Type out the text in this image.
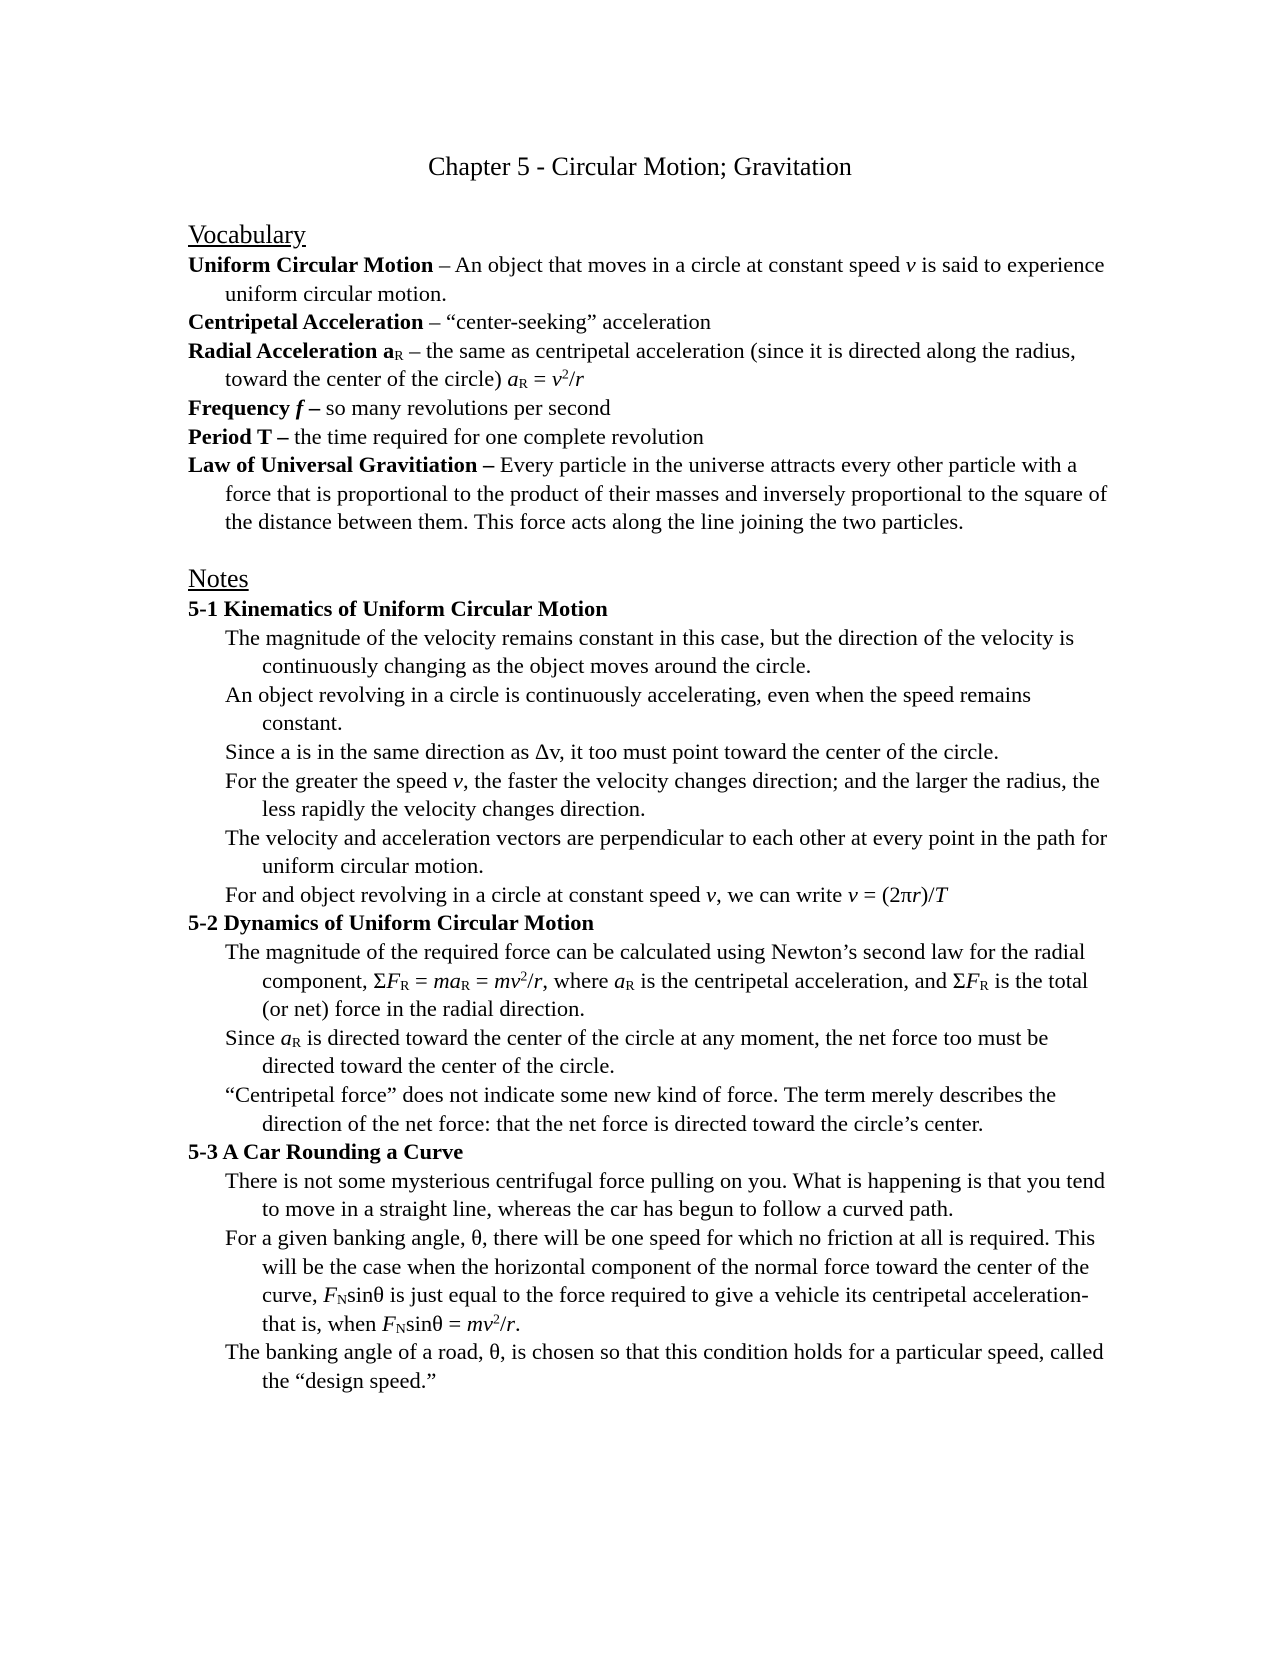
Chapter 5 - Circular Motion; Gravitation
Vocabulary
Uniform Circular Motion – An object that moves in a circle at constant speed v is said to experience uniform circular motion.
Centripetal Acceleration – “center-seeking” acceleration
Radial Acceleration $a_R$ – the same as centripetal acceleration (since it is directed along the radius, toward the center of the circle) $a_R = v^2/r$
Frequency f – so many revolutions per second
Period T – the time required for one complete revolution
Law of Universal Gravitiation – Every particle in the universe attracts every other particle with a force that is proportional to the product of their masses and inversely proportional to the square of the distance between them. This force acts along the line joining the two particles.
Notes
5-1 Kinematics of Uniform Circular Motion
The magnitude of the velocity remains constant in this case, but the direction of the velocity is continuously changing as the object moves around the circle.
An object revolving in a circle is continuously accelerating, even when the speed remains constant.
Since a is in the same direction as Δv, it too must point toward the center of the circle.
For the greater the speed v, the faster the velocity changes direction; and the larger the radius, the less rapidly the velocity changes direction.
The velocity and acceleration vectors are perpendicular to each other at every point in the path for uniform circular motion.
For and object revolving in a circle at constant speed v, we can write v = (2πr)/T
5-2 Dynamics of Uniform Circular Motion
The magnitude of the required force can be calculated using Newton’s second law for the radial component, $\Sigma F_R = ma_R = mv^2/r$, where $a_R$ is the centripetal acceleration, and $\Sigma F_R$ is the total (or net) force in the radial direction.
Since $a_R$ is directed toward the center of the circle at any moment, the net force too must be directed toward the center of the circle.
“Centripetal force” does not indicate some new kind of force. The term merely describes the direction of the net force: that the net force is directed toward the circle’s center.
5-3 A Car Rounding a Curve
There is not some mysterious centrifugal force pulling on you. What is happening is that you tend to move in a straight line, whereas the car has begun to follow a curved path.
For a given banking angle, θ, there will be one speed for which no friction at all is required. This will be the case when the horizontal component of the normal force toward the center of the curve, $F_N\sin\theta$ is just equal to the force required to give a vehicle its centripetal acceleration-that is, when $F_N\sin\theta = mv^2/r$.
The banking angle of a road, θ, is chosen so that this condition holds for a particular speed, called the “design speed.”
